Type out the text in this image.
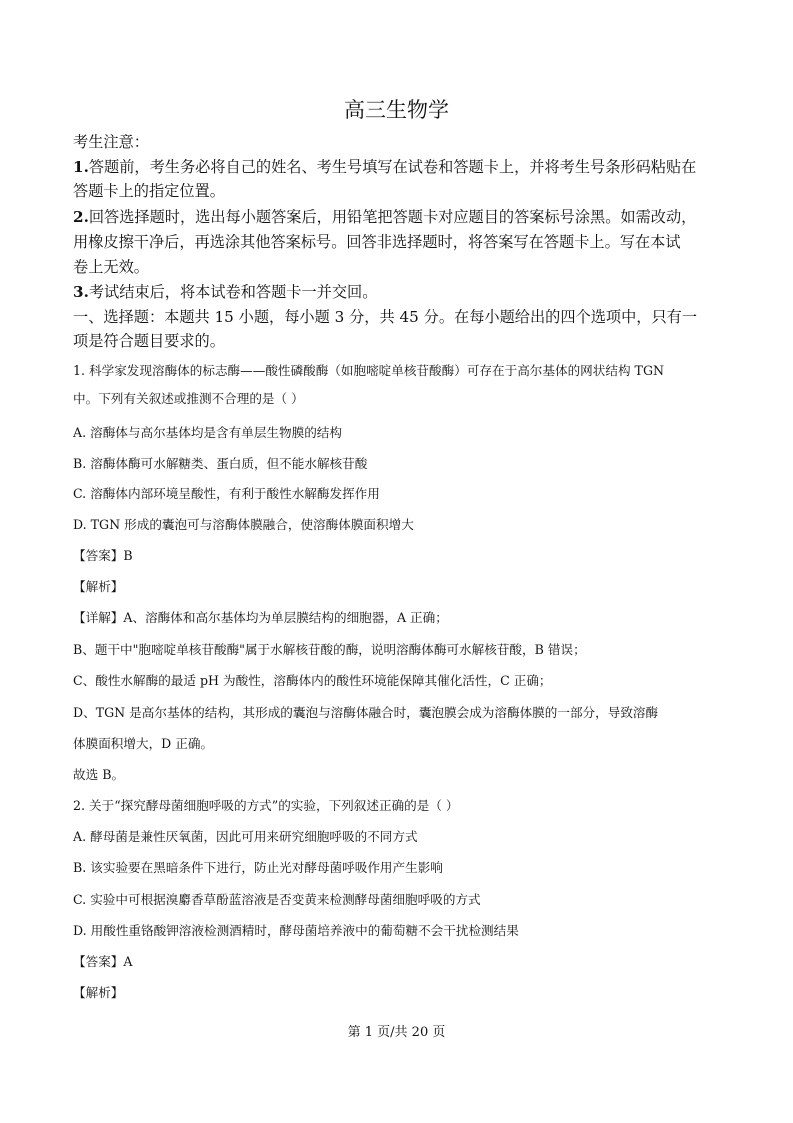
高三生物学
考生注意：
1.答题前，考生务必将自己的姓名、考生号填写在试卷和答题卡上，并将考生号条形码粘贴在
答题卡上的指定位置。
2.回答选择题时，选出每小题答案后，用铅笔把答题卡对应题目的答案标号涂黑。如需改动，
用橡皮擦干净后，再选涂其他答案标号。回答非选择题时，将答案写在答题卡上。写在本试
卷上无效。
3.考试结束后，将本试卷和答题卡一并交回。
一、选择题：本题共 15 小题，每小题 3 分，共 45 分。在每小题给出的四个选项中，只有一
项是符合题目要求的。
1. 科学家发现溶酶体的标志酶——酸性磷酸酶（如胞嘧啶单核苷酸酶）可存在于高尔基体的网状结构 TGN
中。下列有关叙述或推测不合理的是（ ）
A. 溶酶体与高尔基体均是含有单层生物膜的结构
B. 溶酶体酶可水解糖类、蛋白质，但不能水解核苷酸
C. 溶酶体内部环境呈酸性，有利于酸性水解酶发挥作用
D. TGN 形成的囊泡可与溶酶体膜融合，使溶酶体膜面积增大
【答案】B
【解析】
【详解】A、溶酶体和高尔基体均为单层膜结构的细胞器，A 正确；
B、题干中"胞嘧啶单核苷酸酶"属于水解核苷酸的酶，说明溶酶体酶可水解核苷酸，B 错误；
C、酸性水解酶的最适 pH 为酸性，溶酶体内的酸性环境能保障其催化活性，C 正确；
D、TGN 是高尔基体的结构，其形成的囊泡与溶酶体融合时，囊泡膜会成为溶酶体膜的一部分，导致溶酶
体膜面积增大，D 正确。
故选 B。
2. 关于“探究酵母菌细胞呼吸的方式”的实验，下列叙述正确的是（ ）
A. 酵母菌是兼性厌氧菌，因此可用来研究细胞呼吸的不同方式
B. 该实验要在黑暗条件下进行，防止光对酵母菌呼吸作用产生影响
C. 实验中可根据溴麝香草酚蓝溶液是否变黄来检测酵母菌细胞呼吸的方式
D. 用酸性重铬酸钾溶液检测酒精时，酵母菌培养液中的葡萄糖不会干扰检测结果
【答案】A
【解析】
第 1 页/共 20 页
